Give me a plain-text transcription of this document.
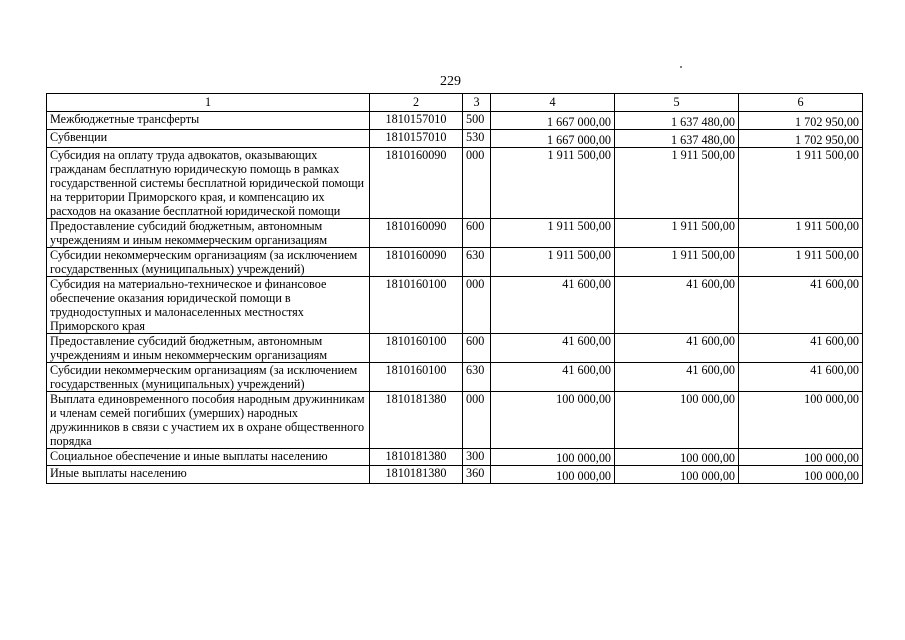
229
1	2	3	4	5	6
Межбюджетные трансферты	1810157010	500	1 667 000,00	1 637 480,00	1 702 950,00
Субвенции	1810157010	530	1 667 000,00	1 637 480,00	1 702 950,00
Субсидия на оплату труда адвокатов, оказывающих гражданам бесплатную юридическую помощь в рамках государственной системы бесплатной юридической помощи на территории Приморского края, и компенсацию их расходов на оказание бесплатной юридической помощи	1810160090	000	1 911 500,00	1 911 500,00	1 911 500,00
Предоставление субсидий бюджетным, автономным учреждениям и иным некоммерческим организациям	1810160090	600	1 911 500,00	1 911 500,00	1 911 500,00
Субсидии некоммерческим организациям (за исключением государственных (муниципальных) учреждений)	1810160090	630	1 911 500,00	1 911 500,00	1 911 500,00
Субсидия на материально-техническое и финансовое обеспечение оказания юридической помощи в труднодоступных и малонаселенных местностях Приморского края	1810160100	000	41 600,00	41 600,00	41 600,00
Предоставление субсидий бюджетным, автономным учреждениям и иным некоммерческим организациям	1810160100	600	41 600,00	41 600,00	41 600,00
Субсидии некоммерческим организациям (за исключением государственных (муниципальных) учреждений)	1810160100	630	41 600,00	41 600,00	41 600,00
Выплата единовременного пособия народным дружинникам и членам семей погибших (умерших) народных дружинников в связи с участием их в охране общественного порядка	1810181380	000	100 000,00	100 000,00	100 000,00
Социальное обеспечение и иные выплаты населению	1810181380	300	100 000,00	100 000,00	100 000,00
Иные выплаты населению	1810181380	360	100 000,00	100 000,00	100 000,00
